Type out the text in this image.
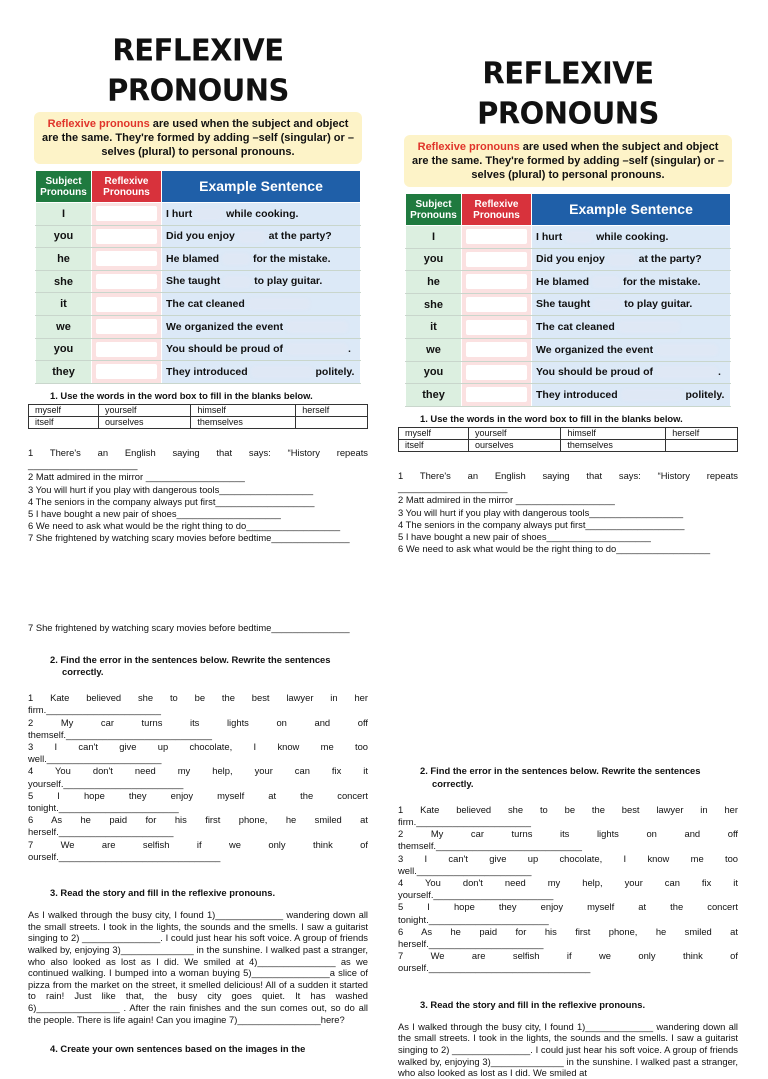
REFLEXIVE PRONOUNS
Reflexive pronouns are used when the subject and object are the same. They're formed by adding –self (singular) or –selves (plural) to personal pronouns.
Subject Pronouns	Reflexive Pronouns	Example Sentence
I		I hurt while cooking.
you		Did you enjoy at the party?
he		He blamed for the mistake.
she		She taught to play guitar.
it		The cat cleaned
we		We organized the event
you		You should be proud of .
they		They introduced politely.
1. Use the words in the word box to fill in the blanks below.
myself	yourself	himself	herself
itself	ourselves	themselves	

1 There's an English saying that says: “History repeats

_____________________

2 Matt admired in the mirror ___________________

3 You will hurt if you play with dangerous tools__________________

4 The seniors in the company always put first___________________

5 I have bought a new pair of shoes____________________

6 We need to ask what would be the right thing to do__________________

7 She frightened by watching scary movies before bedtime_______________

7 She frightened by watching scary movies before bedtime_______________

2. Find the error in the sentences below. Rewrite the sentences correctly.

1 Kate believed she to be the best lawyer in her

firm.______________________

2 My car turns its lights on and off

themself.____________________________

3 I can't give up chocolate, I know me too

well.______________________

4 You don't need my help, your can fix it

yourself._______________________

5 I hope they enjoy myself at the concert

tonight._______________________

6 As he paid for his first phone, he smiled at

herself.______________________

7 We are selfish if we only think of

ourself._______________________________

3. Read the story and fill in the reflexive pronouns.

As I walked through the busy city, I found 1)_____________ wandering down all the small streets. I took in the lights, the sounds and the smells. I saw a guitarist singing to 2) _______________. I could just hear his soft voice. A group of friends walked by, enjoying 3)______________ in the sunshine. I walked past a stranger, who also looked as lost as I did. We smiled at 4)_______________ as we continued walking. I bumped into a woman buying 5)_______________a slice of pizza from the market on the street, it smelled delicious! All of a sudden it started to rain! Just like that, the busy city goes quiet. It has washed 6)________________ . After the rain finishes and the sun comes out, so do all the people. There is life again! Can you imagine 7)________________here?

4. Create your own sentences based on the images in the
REFLEXIVE PRONOUNS
Reflexive pronouns are used when the subject and object are the same. They're formed by adding –self (singular) or –selves (plural) to personal pronouns.
Subject Pronouns	Reflexive Pronouns	Example Sentence
I		I hurt while cooking.
you		Did you enjoy at the party?
he		He blamed for the mistake.
she		She taught to play guitar.
it		The cat cleaned
we		We organized the event
you		You should be proud of .
they		They introduced politely.
1. Use the words in the word box to fill in the blanks below.
myself	yourself	himself	herself
itself	ourselves	themselves	

1 There's an English saying that says: “History repeats

_____________________

2 Matt admired in the mirror ___________________

3 You will hurt if you play with dangerous tools__________________

4 The seniors in the company always put first___________________

5 I have bought a new pair of shoes____________________

6 We need to ask what would be the right thing to do__________________

2. Find the error in the sentences below. Rewrite the sentences correctly.

1 Kate believed she to be the best lawyer in her

firm.______________________

2 My car turns its lights on and off

themself.____________________________

3 I can't give up chocolate, I know me too

well.______________________

4 You don't need my help, your can fix it

yourself._______________________

5 I hope they enjoy myself at the concert

tonight._______________________

6 As he paid for his first phone, he smiled at

herself.______________________

7 We are selfish if we only think of

ourself._______________________________

3. Read the story and fill in the reflexive pronouns.

As I walked through the busy city, I found 1)_____________ wandering down all the small streets. I took in the lights, the sounds and the smells. I saw a guitarist singing to 2) _______________. I could just hear his soft voice. A group of friends walked by, enjoying 3)______________ in the sunshine. I walked past a stranger, who also looked as lost as I did. We smiled at
